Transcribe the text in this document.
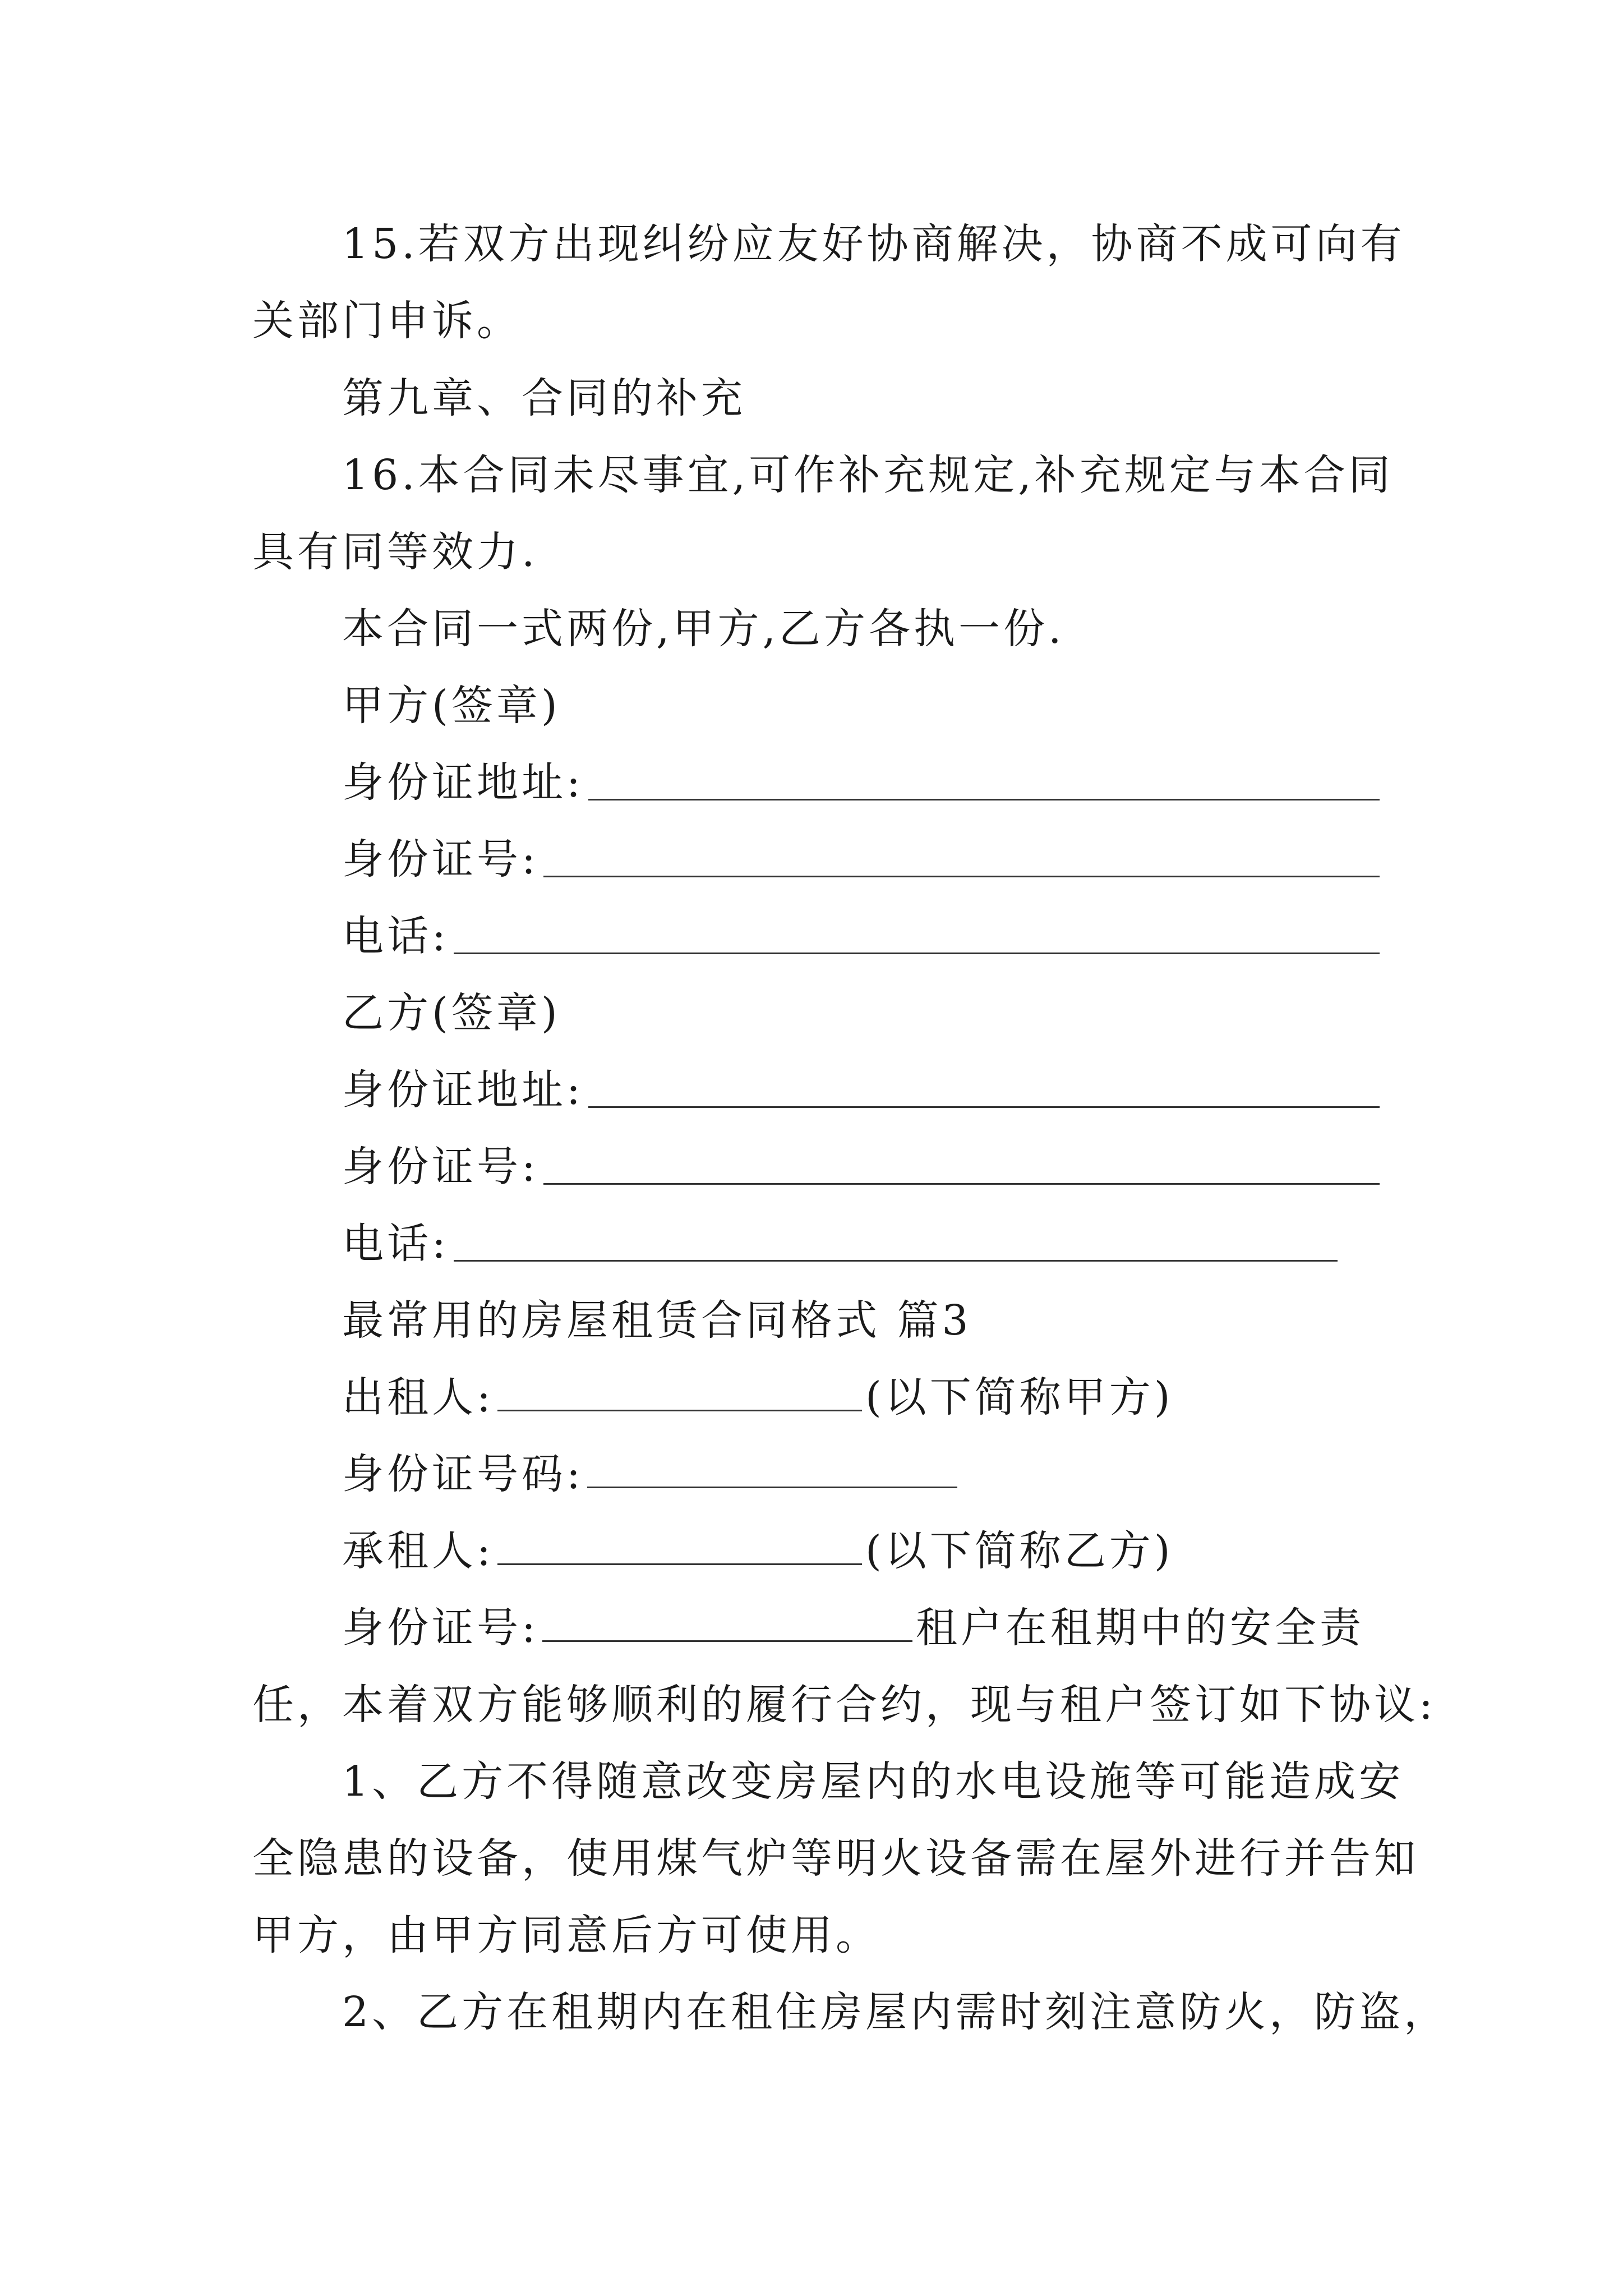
15.若双方出现纠纷应友好协商解决，协商不成可向有
关部门申诉。
第九章、合同的补充
16.本合同未尽事宜,可作补充规定,补充规定与本合同
具有同等效力.
本合同一式两份,甲方,乙方各执一份.
甲方(签章)
身份证地址:
身份证号:
电话:
乙方(签章)
身份证地址:
身份证号:
电话:
最常用的房屋租赁合同格式 篇3
出租人:	(以下简称甲方)
身份证号码:
承租人:	(以下简称乙方)
身份证号:	租户在租期中的安全责
任，本着双方能够顺利的履行合约，现与租户签订如下协议:
1、乙方不得随意改变房屋内的水电设施等可能造成安
全隐患的设备，使用煤气炉等明火设备需在屋外进行并告知
甲方，由甲方同意后方可使用。
2、乙方在租期内在租住房屋内需时刻注意防火，防盗，
